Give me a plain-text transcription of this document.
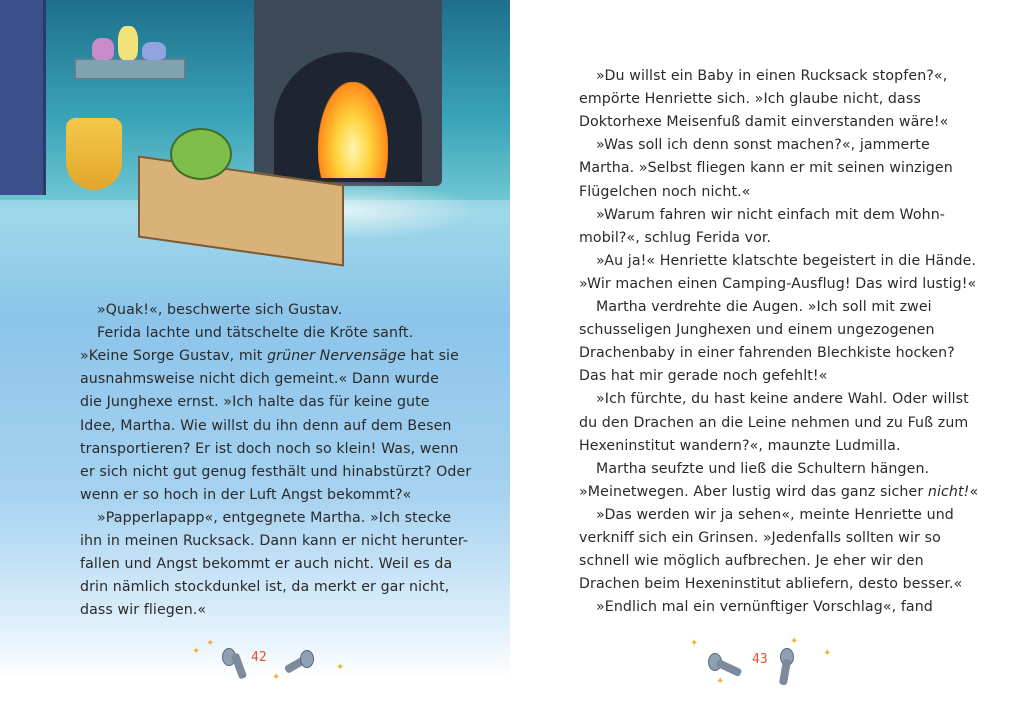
»Quak!«, beschwerte sich Gustav.
Ferida lachte und tätschelte die Kröte sanft.
»Keine Sorge Gustav, mit grüner Nervensäge hat sie
ausnahmsweise nicht dich gemeint.« Dann wurde
die Junghexe ernst. »Ich halte das für keine gute
Idee, Martha. Wie willst du ihn denn auf dem Besen
transportieren? Er ist doch noch so klein! Was, wenn
er sich nicht gut genug festhält und hinabstürzt? Oder
wenn er so hoch in der Luft Angst bekommt?«
»Papperlapapp«, entgegnete Martha. »Ich stecke
ihn in meinen Rucksack. Dann kann er nicht herunter-
fallen und Angst bekommt er auch nicht. Weil es da
drin nämlich stockdunkel ist, da merkt er gar nicht,
dass wir fliegen.«
»Du willst ein Baby in einen Rucksack stopfen?«,
empörte Henriette sich. »Ich glaube nicht, dass
Doktorhexe Meisenfuß damit einverstanden wäre!«
»Was soll ich denn sonst machen?«, jammerte
Martha. »Selbst fliegen kann er mit seinen winzigen
Flügelchen noch nicht.«
»Warum fahren wir nicht einfach mit dem Wohn-
mobil?«, schlug Ferida vor.
»Au ja!« Henriette klatschte begeistert in die Hände.
»Wir machen einen Camping-Ausflug! Das wird lustig!«
Martha verdrehte die Augen. »Ich soll mit zwei
schusseligen Junghexen und einem ungezogenen
Drachenbaby in einer fahrenden Blechkiste hocken?
Das hat mir gerade noch gefehlt!«
»Ich fürchte, du hast keine andere Wahl. Oder willst
du den Drachen an die Leine nehmen und zu Fuß zum
Hexeninstitut wandern?«, maunzte Ludmilla.
Martha seufzte und ließ die Schultern hängen.
»Meinetwegen. Aber lustig wird das ganz sicher nicht!«
»Das werden wir ja sehen«, meinte Henriette und
verkniff sich ein Grinsen. »Jedenfalls sollten wir so
schnell wie möglich aufbrechen. Je eher wir den
Drachen beim Hexeninstitut abliefern, desto besser.«
»Endlich mal ein vernünftiger Vorschlag«, fand
✦
✦
✦
✦
42
✦
✦
✦
✦
43
